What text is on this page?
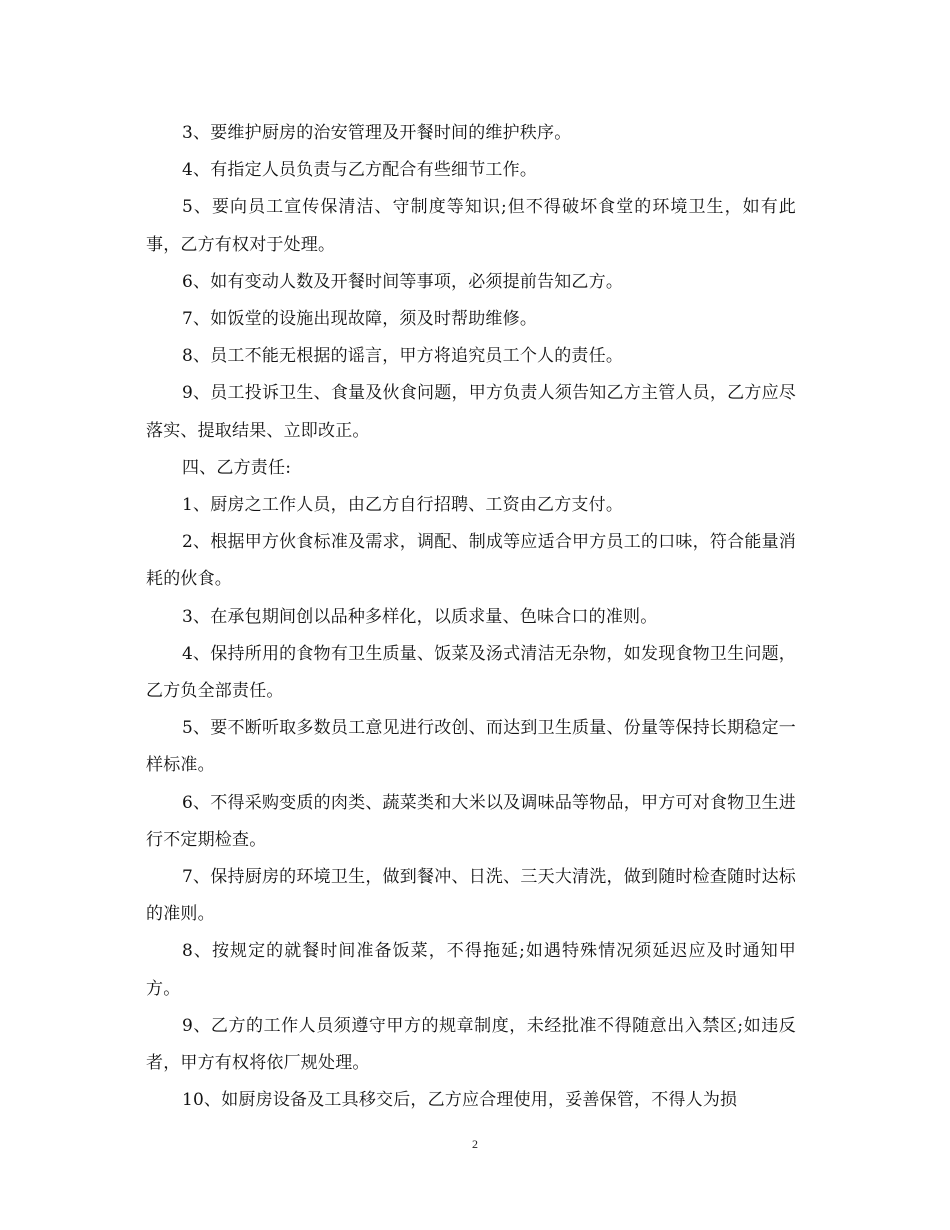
3、要维护厨房的治安管理及开餐时间的维护秩序。

4、有指定人员负责与乙方配合有些细节工作。

5、要向员工宣传保清洁、守制度等知识;但不得破坏食堂的环境卫生，如有此事，乙方有权对于处理。

6、如有变动人数及开餐时间等事项，必须提前告知乙方。

7、如饭堂的设施出现故障，须及时帮助维修。

8、员工不能无根据的谣言，甲方将追究员工个人的责任。

9、员工投诉卫生、食量及伙食问题，甲方负责人须告知乙方主管人员，乙方应尽落实、提取结果、立即改正。

四、乙方责任:

1、厨房之工作人员，由乙方自行招聘、工资由乙方支付。

2、根据甲方伙食标准及需求，调配、制成等应适合甲方员工的口味，符合能量消耗的伙食。

3、在承包期间创以品种多样化，以质求量、色味合口的准则。

4、保持所用的食物有卫生质量、饭菜及汤式清洁无杂物，如发现食物卫生问题，乙方负全部责任。

5、要不断听取多数员工意见进行改创、而达到卫生质量、份量等保持长期稳定一样标准。

6、不得采购变质的肉类、蔬菜类和大米以及调味品等物品，甲方可对食物卫生进行不定期检查。

7、保持厨房的环境卫生，做到餐冲、日洗、三天大清洗，做到随时检查随时达标的准则。

8、按规定的就餐时间准备饭菜，不得拖延;如遇特殊情况须延迟应及时通知甲方。

9、乙方的工作人员须遵守甲方的规章制度，未经批准不得随意出入禁区;如违反者，甲方有权将依厂规处理。

10、如厨房设备及工具移交后，乙方应合理使用，妥善保管，不得人为损

2
